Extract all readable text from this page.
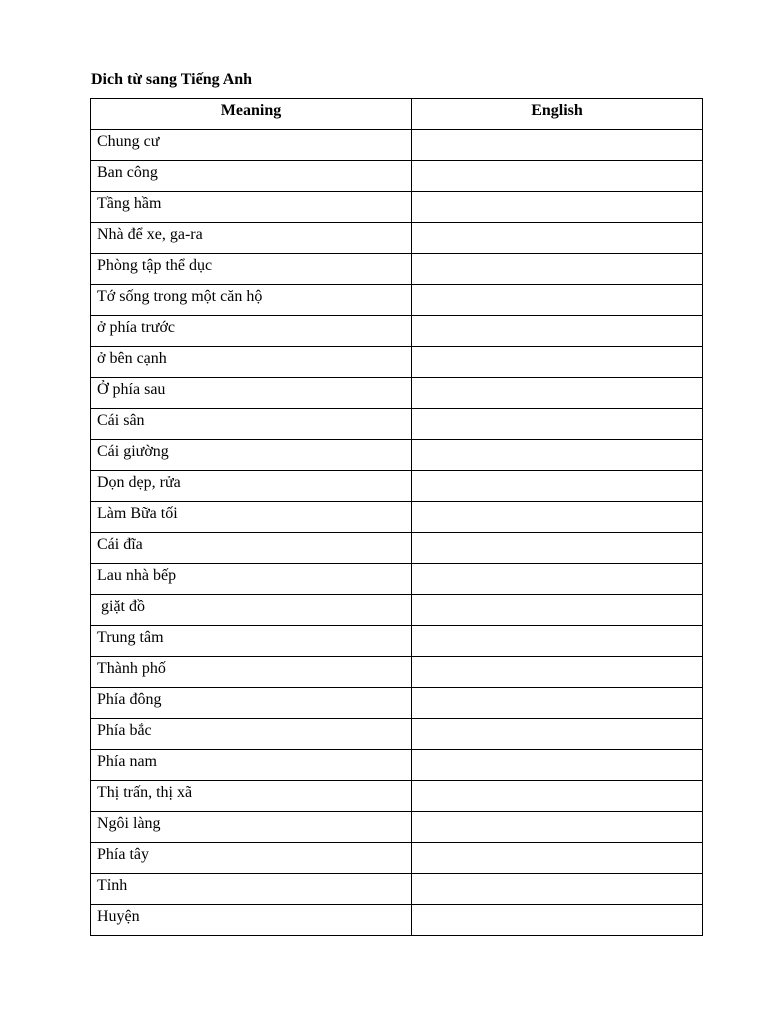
Dich từ sang Tiếng Anh
Meaning	English
Chung cư	
Ban công	
Tầng hầm	
Nhà để xe, ga-ra	
Phòng tập thể dục	
Tớ sống trong một căn hộ	
ở phía trước	
ở bên cạnh	
Ở phía sau	
Cái sân	
Cái giường	
Dọn dẹp, rửa	
Làm Bữa tối	
Cái đĩa	
Lau nhà bếp	
giặt đồ	
Trung tâm	
Thành phố	
Phía đông	
Phía bắc	
Phía nam	
Thị trấn, thị xã	
Ngôi làng	
Phía tây	
Tỉnh	
Huyện	
